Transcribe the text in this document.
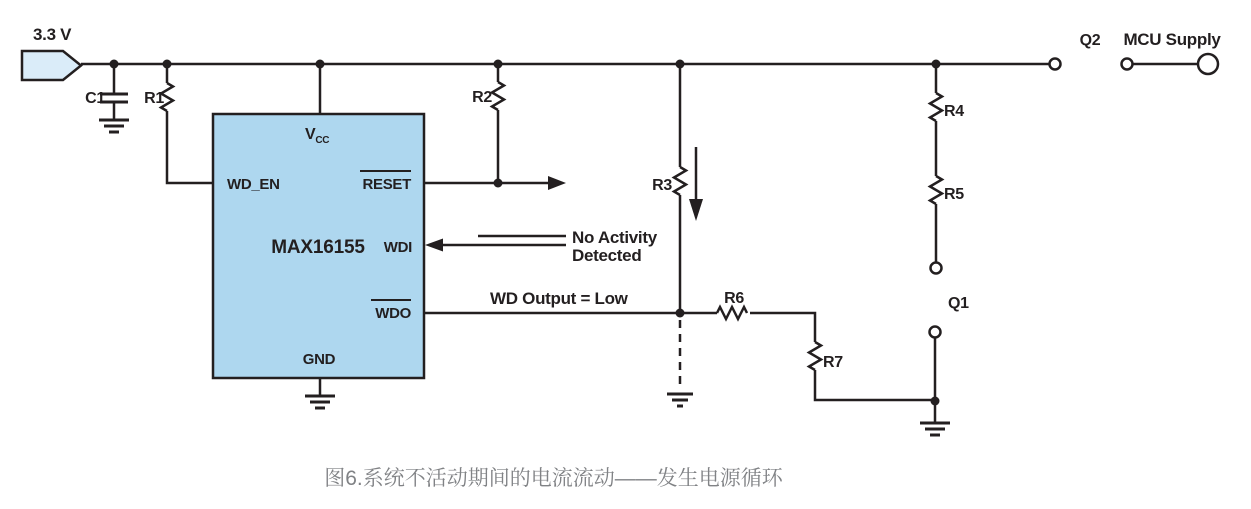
3.3 V
C1 R1
$V_{CC}$
WD_EN	RESET
MAX16155 WDI
WDO
GND
R2
No Activity
Detected
R3
WD Output = Low	R6
R7
R4
R5
Q1
Q2 MCU Supply
图6.系统不活动期间的电流流动——发生电源循环
